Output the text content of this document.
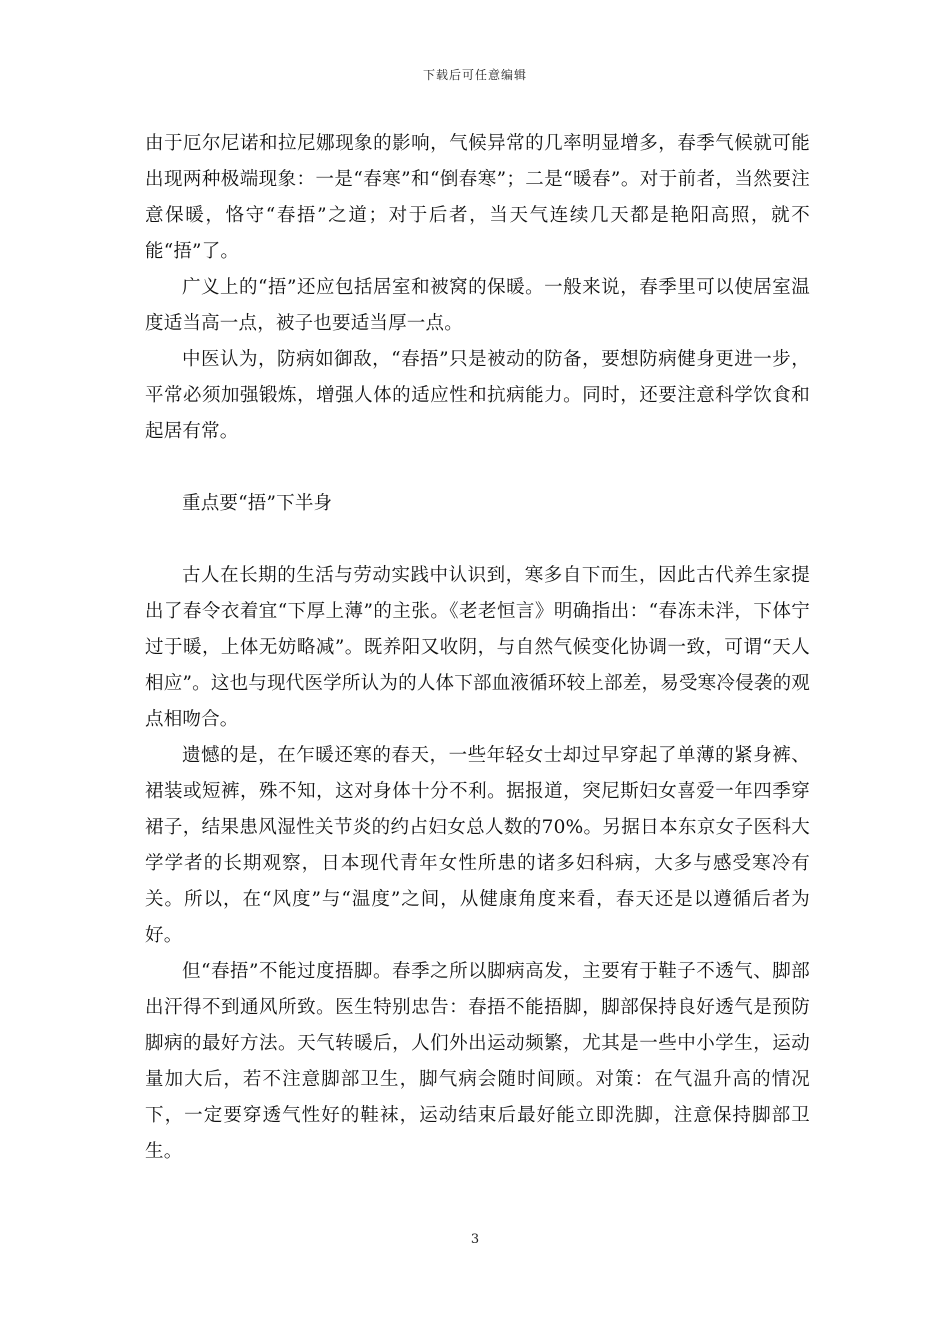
下载后可任意编辑

由于厄尔尼诺和拉尼娜现象的影响，气候异常的几率明显增多，春季气候就可能出现两种极端现象：一是“春寒”和“倒春寒”；二是“暖春”。对于前者，当然要注意保暖，恪守“春捂”之道；对于后者，当天气连续几天都是艳阳高照，就不能“捂”了。

广义上的“捂”还应包括居室和被窝的保暖。一般来说，春季里可以使居室温度适当高一点，被子也要适当厚一点。

中医认为，防病如御敌，“春捂”只是被动的防备，要想防病健身更进一步，平常必须加强锻炼，增强人体的适应性和抗病能力。同时，还要注意科学饮食和起居有常。

重点要“捂”下半身

古人在长期的生活与劳动实践中认识到，寒多自下而生，因此古代养生家提出了春令衣着宜“下厚上薄”的主张。《老老恒言》明确指出：“春冻未泮，下体宁过于暖，上体无妨略减”。既养阳又收阴，与自然气候变化协调一致，可谓“天人相应”。这也与现代医学所认为的人体下部血液循环较上部差，易受寒冷侵袭的观点相吻合。

遗憾的是，在乍暖还寒的春天，一些年轻女士却过早穿起了单薄的紧身裤、裙装或短裤，殊不知，这对身体十分不利。据报道，突尼斯妇女喜爱一年四季穿裙子，结果患风湿性关节炎的约占妇女总人数的70%。另据日本东京女子医科大学学者的长期观察，日本现代青年女性所患的诸多妇科病，大多与感受寒冷有关。所以，在“风度”与“温度”之间，从健康角度来看，春天还是以遵循后者为好。

但“春捂”不能过度捂脚。春季之所以脚病高发，主要宥于鞋子不透气、脚部出汗得不到通风所致。医生特别忠告：春捂不能捂脚，脚部保持良好透气是预防脚病的最好方法。天气转暖后，人们外出运动频繁，尤其是一些中小学生，运动量加大后，若不注意脚部卫生，脚气病会随时间顾。对策：在气温升高的情况下，一定要穿透气性好的鞋袜，运动结束后最好能立即洗脚，注意保持脚部卫生。

3
